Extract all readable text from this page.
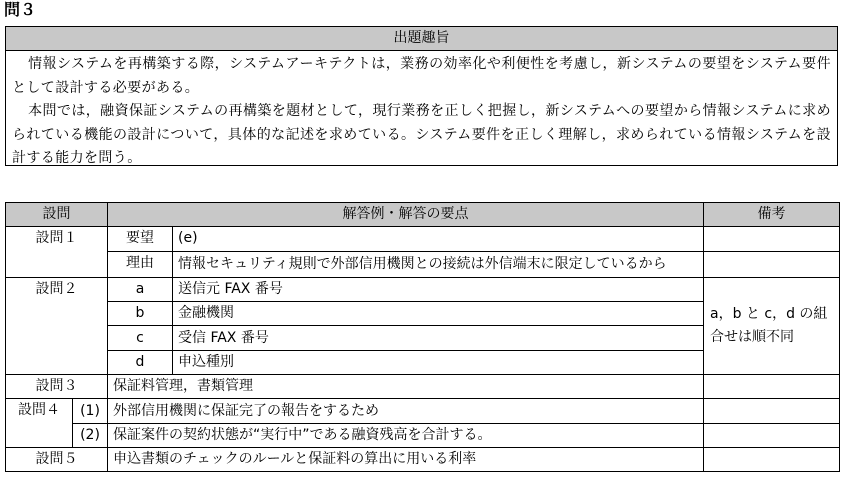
問３
出題趣旨

情報システムを再構築する際，システムアーキテクトは，業務の効率化や利便性を考慮し，新システムの要望をシステム要件として設計する必要がある。

本問では，融資保証システムの再構築を題材として，現行業務を正しく把握し，新システムへの要望から情報システムに求められている機能の設計について，具体的な記述を求めている。システム要件を正しく理解し，求められている情報システムを設計する能力を問う。

設問		解答例・解答の要点		備考
設問１		要望	(e)	
		理由	情報セキュリティ規則で外部信用機関との接続は外信端末に限定しているから	
設問２		a	送信元 FAX 番号	a，b と c，d の組合せは順不同
		b	金融機関	
		c	受信 FAX 番号	
		d	申込種別	
設問３		保証料管理，書類管理		
設問４	(1)	外部信用機関に保証完了の報告をするため		
	(2)	保証案件の契約状態が“実行中”である融資残高を合計する。		
設問５		申込書類のチェックのルールと保証料の算出に用いる利率		
